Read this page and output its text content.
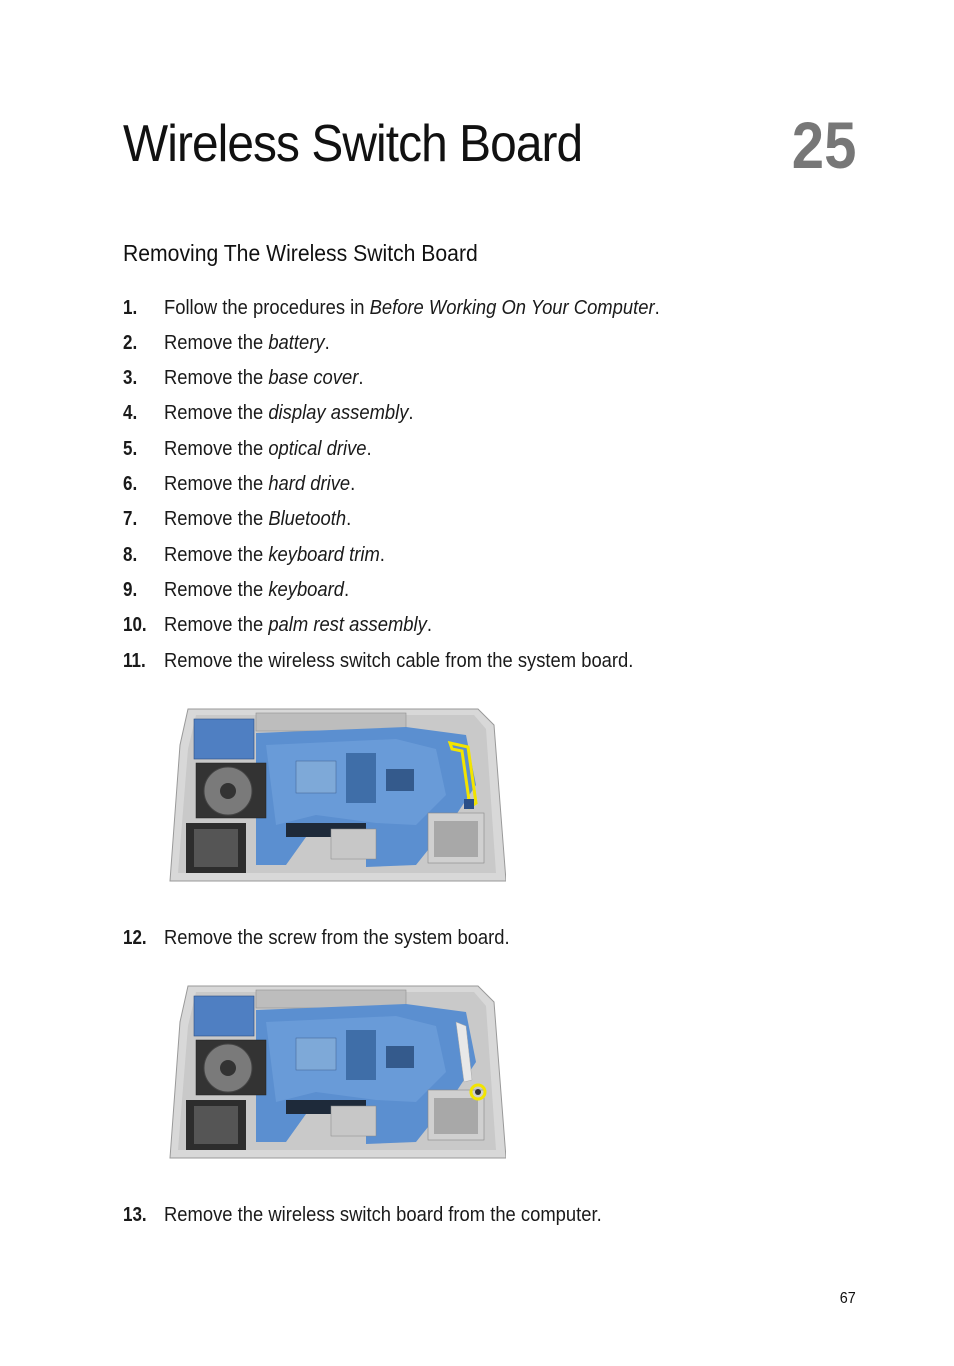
Wireless Switch Board	25
Removing The Wireless Switch Board
1. Follow the procedures in Before Working On Your Computer.
2. Remove the battery.
3. Remove the base cover.
4. Remove the display assembly.
5. Remove the optical drive.
6. Remove the hard drive.
7. Remove the Bluetooth.
8. Remove the keyboard trim.
9. Remove the keyboard.
10. Remove the palm rest assembly.
11. Remove the wireless switch cable from the system board.
12. Remove the screw from the system board.
13. Remove the wireless switch board from the computer.
67
